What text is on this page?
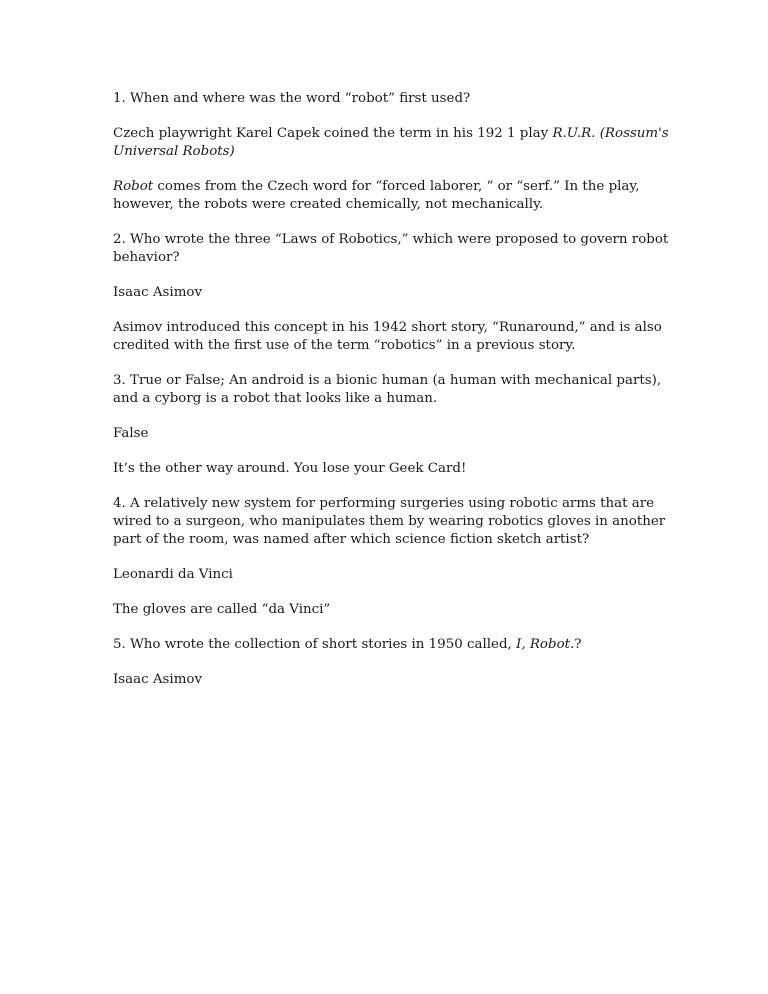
1. When and where was the word “robot” first used?

Czech playwright Karel Capek coined the term in his 192 1 play R.U.R. (Rossum's Universal Robots)

Robot comes from the Czech word for “forced laborer, “ or “serf.” In the play, however, the robots were created chemically, not mechanically.

2. Who wrote the three “Laws of Robotics,” which were proposed to govern robot behavior?

Isaac Asimov

Asimov introduced this concept in his 1942 short story, “Runaround,” and is also credited with the first use of the term “robotics” in a previous story.

3. True or False; An android is a bionic human (a human with mechanical parts), and a cyborg is a robot that looks like a human.

False

It’s the other way around. You lose your Geek Card!

4. A relatively new system for performing surgeries using robotic arms that are wired to a surgeon, who manipulates them by wearing robotics gloves in another part of the room, was named after which science fiction sketch artist?

Leonardi da Vinci

The gloves are called “da Vinci”

5. Who wrote the collection of short stories in 1950 called, I, Robot.?

Isaac Asimov
